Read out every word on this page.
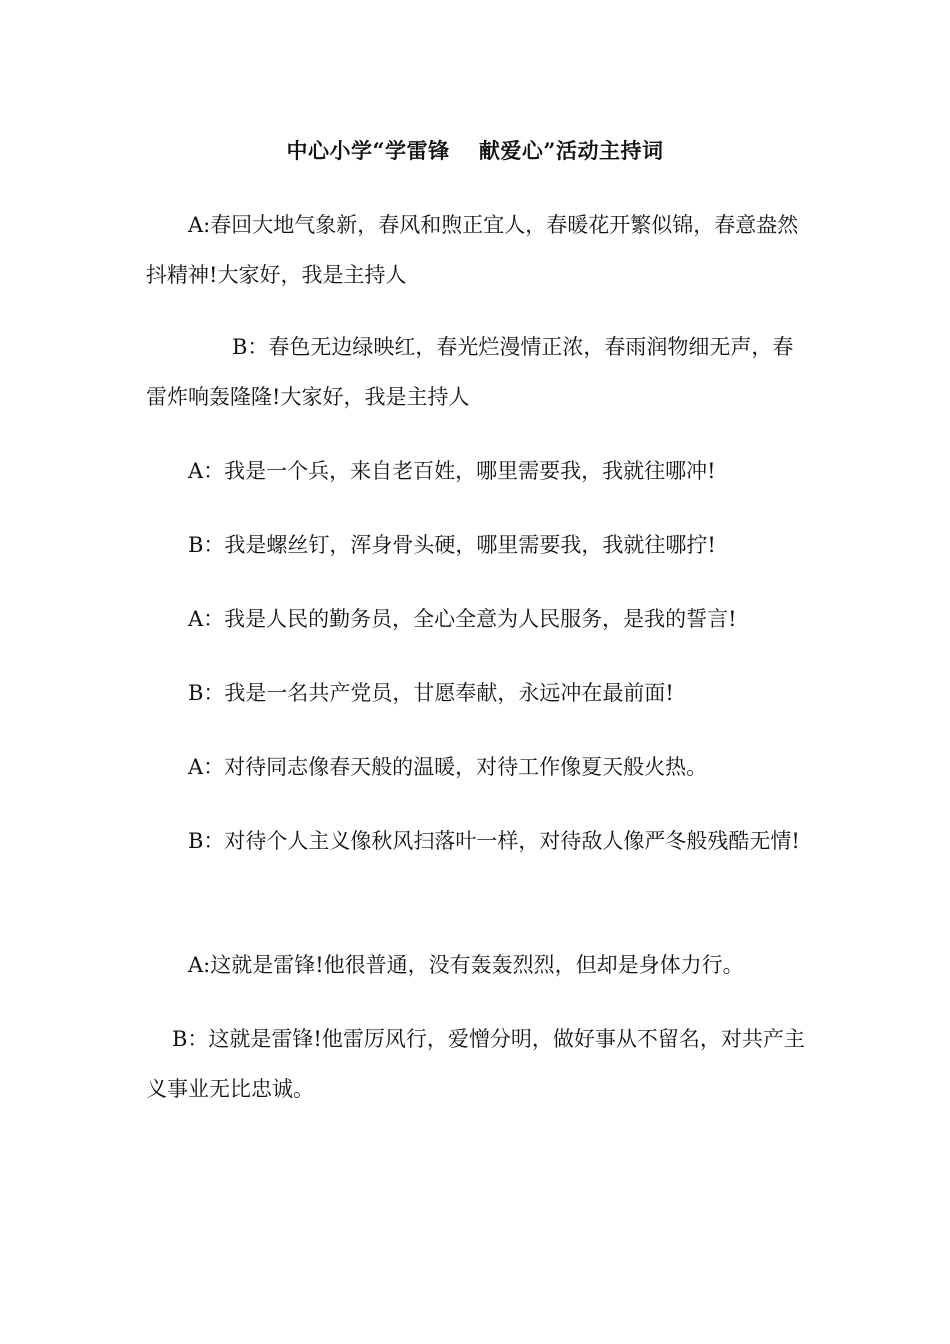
中心小学“学雷锋　 献爱心”活动主持词
A:春回大地气象新，春风和煦正宜人，春暖花开繁似锦，春意盎然抖精神!大家好，我是主持人
B：春色无边绿映红，春光烂漫情正浓，春雨润物细无声，春雷炸响轰隆隆!大家好，我是主持人
A：我是一个兵，来自老百姓，哪里需要我，我就往哪冲!
B：我是螺丝钉，浑身骨头硬，哪里需要我，我就往哪拧!
A：我是人民的勤务员，全心全意为人民服务，是我的誓言!
B：我是一名共产党员，甘愿奉献，永远冲在最前面!
A：对待同志像春天般的温暖，对待工作像夏天般火热。
B：对待个人主义像秋风扫落叶一样，对待敌人像严冬般残酷无情!
A:这就是雷锋!他很普通，没有轰轰烈烈，但却是身体力行。
B：这就是雷锋!他雷厉风行，爱憎分明，做好事从不留名，对共产主义事业无比忠诚。
